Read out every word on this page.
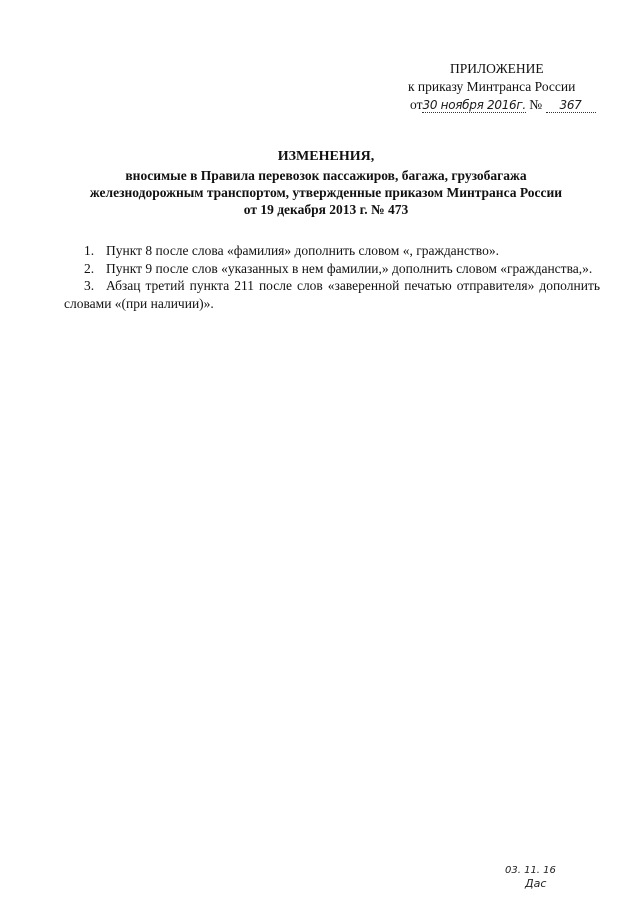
ПРИЛОЖЕНИЕ
к приказу Минтранса России
от30 ноября 2016г. № 367
ИЗМЕНЕНИЯ,
вносимые в Правила перевозок пассажиров, багажа, грузобагажа
железнодорожным транспортом, утвержденные приказом Минтранса России
от 19 декабря 2013 г. № 473

1. Пункт 8 после слова «фамилия» дополнить словом «, гражданство».

2. Пункт 9 после слов «указанных в нем фамилии,» дополнить словом «гражданства,».

3. Абзац третий пункта 211 после слов «заверенной печатью отправителя» дополнить словами «(при наличии)».

03. 11. 16
Дас
